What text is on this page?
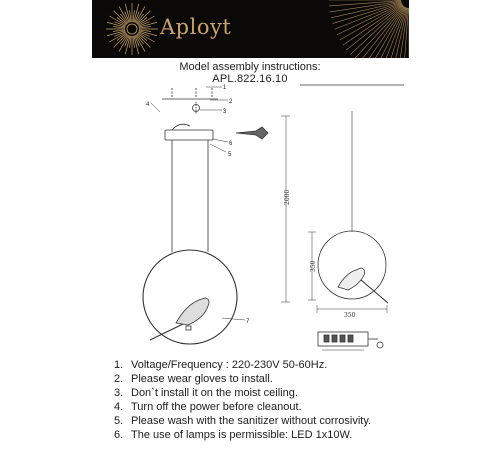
Aployt
Model assembly instructions:
APL.822.16.10
1
2
3
4
5
6
7
2000
350
350
1. Voltage/Frequency : 220-230V 50-60Hz.
2. Please wear gloves to install.
3. Don`t install it on the moist ceiling.
4. Turn off the power before cleanout.
5. Please wash with the sanitizer without corrosivity.
6. The use of lamps is permissible: LED 1x10W.
